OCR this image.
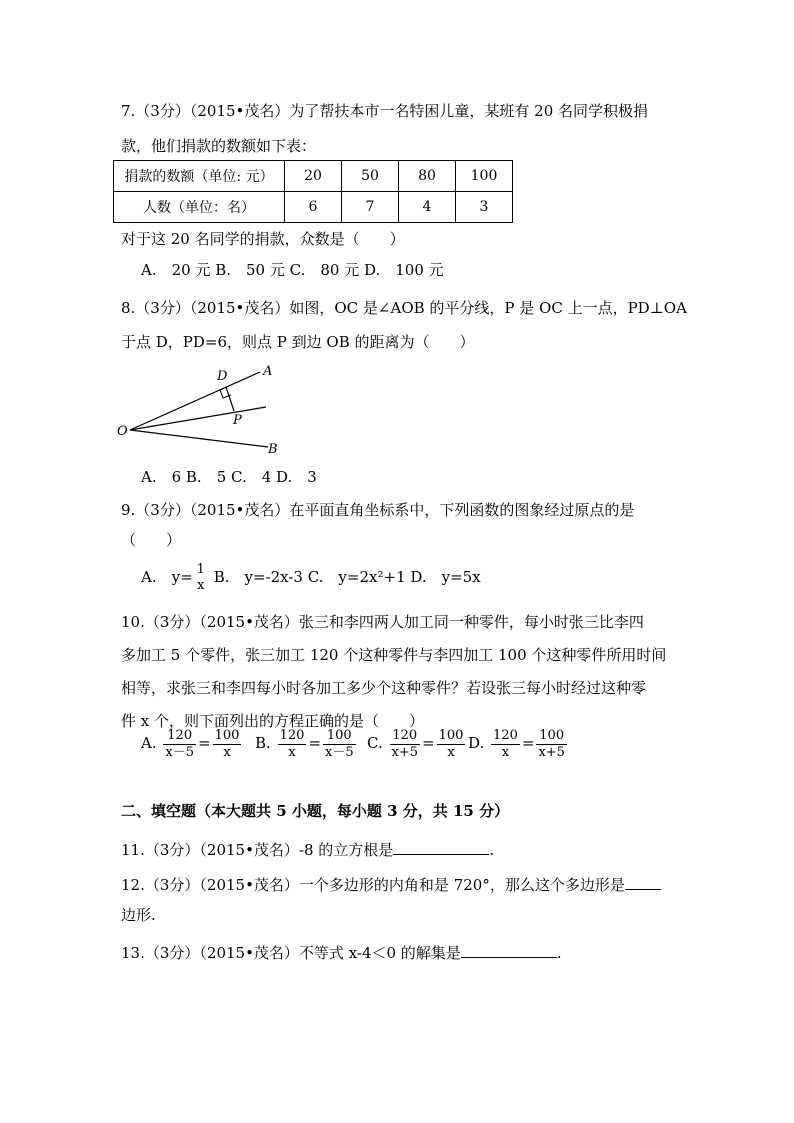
7.（3分）（2015•茂名）为了帮扶本市一名特困儿童，某班有 20 名同学积极捐
款，他们捐款的数额如下表：
捐款的数额（单位: 元）	20	50	80	100
人数（单位：名）	6	7	4	3
对于这 20 名同学的捐款，众数是（　　）
A.　20 元 B.　50 元 C.　80 元 D.　100 元
8.（3分）（2015•茂名）如图，OC 是∠AOB 的平分线，P 是 OC 上一点，PD⊥OA
于点 D，PD=6，则点 P 到边 OB 的距离为（　　）
O
A
B
D
P
A.　6 B.　5 C.　4 D.　3
9.（3分）（2015•茂名）在平面直角坐标系中，下列函数的图象经过原点的是
（　　）
A.　y= 1
x B.　y=-2x-3 C.　y=2x²+1 D.　y=5x
10.（3分）（2015•茂名）张三和李四两人加工同一种零件，每小时张三比李四
多加工 5 个零件，张三加工 120 个这种零件与李四加工 100 个这种零件所用时间
相等，求张三和李四每小时各加工多少个这种零件？若设张三每小时经过这种零
件 x 个，则下面列出的方程正确的是（　　）
A. $\frac{120}{x-5} = \frac{100}{x} B$. $\frac{120}{x} = \frac{100}{x-5} C$. $\frac{120}{x+5} = \frac{100}{x} D$. $\frac{120}{x} = \frac{100}{x+5}$
二、填空题（本大题共 5 小题，每小题 3 分，共 15 分）
11.（3分）（2015•茂名）-8 的立方根是	.
12.（3分）（2015•茂名）一个多边形的内角和是 720°，那么这个多边形是
边形.
13.（3分）（2015•茂名）不等式 x-4＜0 的解集是	.
